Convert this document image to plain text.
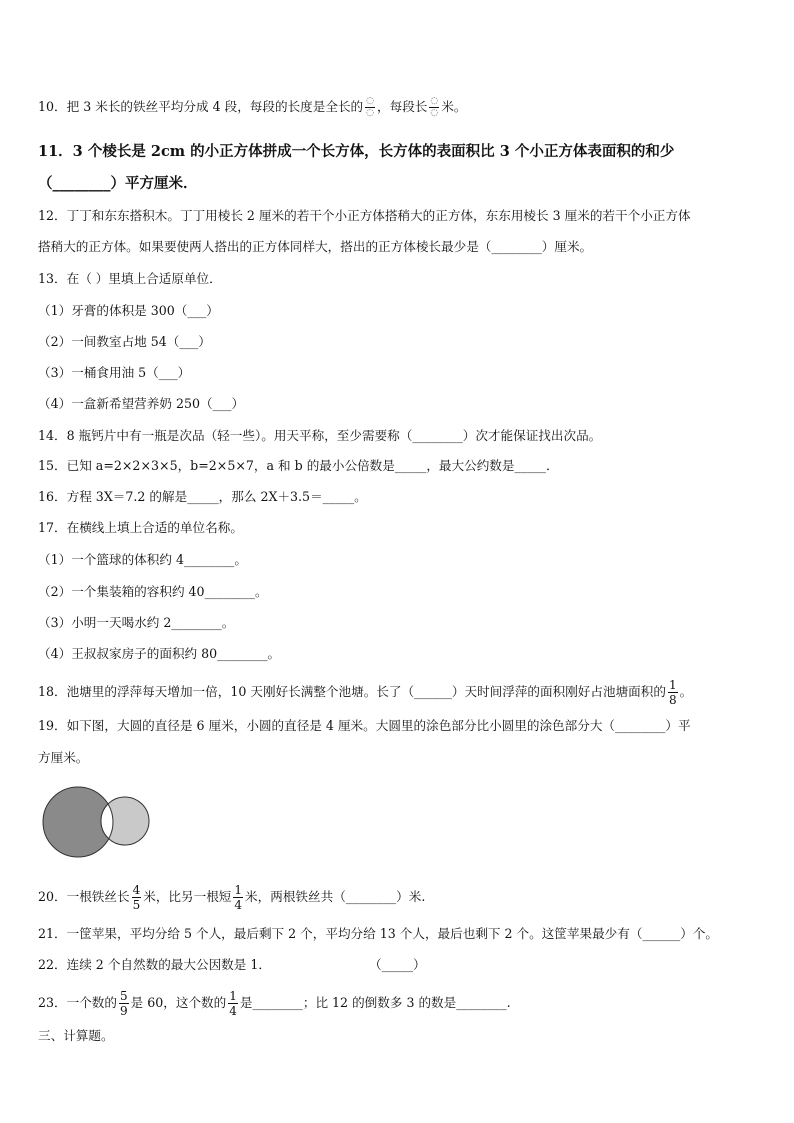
10．把 3 米长的铁丝平均分成 4 段，每段的长度是全长的 $\frac{◌}{◌}$ ，每段长 $\frac{◌}{◌}$ 米。
11．3 个棱长是 2cm 的小正方体拼成一个长方体，长方体的表面积比 3 个小正方体表面积的和少
（________）平方厘米．
12．丁丁和东东搭积木。丁丁用棱长 2 厘米的若干个小正方体搭稍大的正方体，东东用棱长 3 厘米的若干个小正方体
搭稍大的正方体。如果要使两人搭出的正方体同样大，搭出的正方体棱长最少是（________）厘米。
13．在（ ）里填上合适原单位．
（1）牙膏的体积是 300（___）
（2）一间教室占地 54（___）
（3）一桶食用油 5（___）
（4）一盒新希望营养奶 250（___）
14．8 瓶钙片中有一瓶是次品（轻一些）。用天平称，至少需要称（________）次才能保证找出次品。
15．已知 a=2×2×3×5，b=2×5×7，a 和 b 的最小公倍数是_____，最大公约数是_____．
16．方程 3X＝7.2 的解是_____，那么 2X＋3.5＝_____。
17．在横线上填上合适的单位名称。
（1）一个篮球的体积约 4________。
（2）一个集装箱的容积约 40________。
（3）小明一天喝水约 2________。
（4）王叔叔家房子的面积约 80________。
18．池塘里的浮萍每天增加一倍，10 天刚好长满整个池塘。长了（______）天时间浮萍的面积刚好占池塘面积的 $\frac{1}{8}$ 。
19．如下图，大圆的直径是 6 厘米，小圆的直径是 4 厘米。大圆里的涂色部分比小圆里的涂色部分大（________）平
方厘米。
20．一根铁丝长 $\frac{4}{5}$ 米，比另一根短 $\frac{1}{4}$ 米，两根铁丝共（________）米.
21．一筐苹果，平均分给 5 个人，最后剩下 2 个，平均分给 13 个人，最后也剩下 2 个。这筐苹果最少有（______）个。
22．连续 2 个自然数的最大公因数是 1．	（_____）
23．一个数的 $\frac{5}{9}$ 是 60，这个数的 $\frac{1}{4}$ 是________；比 12 的倒数多 3 的数是________.
三、计算题。
